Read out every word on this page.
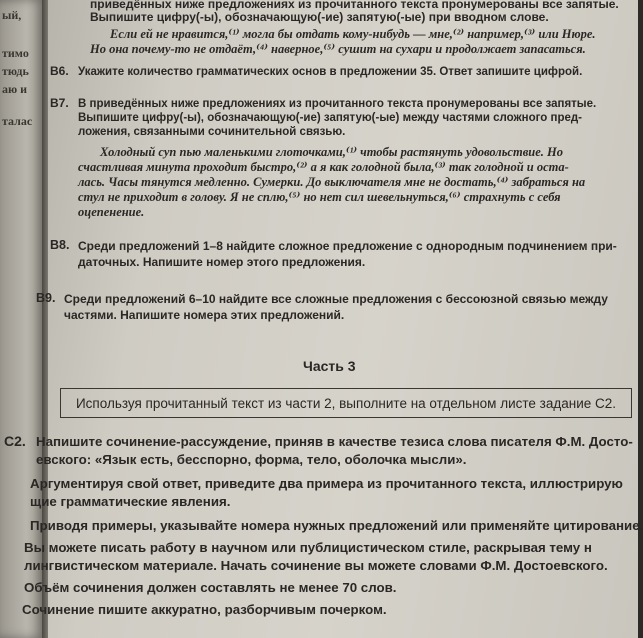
ый,
тимо
тюдь
аю и
талас
приведённых ниже предложениях из прочитанного текста пронумерованы все запятые.
Выпишите цифру(-ы), обозначающую(-ие) запятую(-ые) при вводном слове.
Если ей не нравится,⁽¹⁾ могла бы отдать кому-нибудь — мне,⁽²⁾ например,⁽³⁾ или Нюре.
Но она почему-то не отдаёт,⁽⁴⁾ наверное,⁽⁵⁾ сушит на сухари и продолжает запасаться.
В6. Укажите количество грамматических основ в предложении 35. Ответ запишите цифрой.
В7. В приведённых ниже предложениях из прочитанного текста пронумерованы все запятые.
Выпишите цифру(-ы), обозначающую(-ие) запятую(-ые) между частями сложного пред-
ложения, связанными сочинительной связью.
Холодный суп пью маленькими глоточками,⁽¹⁾ чтобы растянуть удовольствие. Но
счастливая минута проходит быстро,⁽²⁾ а я как голодной была,⁽³⁾ так голодной и оста-
лась. Часы тянутся медленно. Сумерки. До выключателя мне не достать,⁽⁴⁾ забраться на
стул не приходит в голову. Я не сплю,⁽⁵⁾ но нет сил шевельнуться,⁽⁶⁾ страхнуть с себя
оцепенение.
В8. Среди предложений 1–8 найдите сложное предложение с однородным подчинением при-
даточных. Напишите номер этого предложения.
В9. Среди предложений 6–10 найдите все сложные предложения с бессоюзной связью между
частями. Напишите номера этих предложений.
Часть 3
Используя прочитанный текст из части 2, выполните на отдельном листе задание С2.
С2. Напишите сочинение-рассуждение, приняв в качестве тезиса слова писателя Ф.М. Досто-
евского: «Язык есть, бесспорно, форма, тело, оболочка мысли».
Аргументируя свой ответ, приведите два примера из прочитанного текста, иллюстрирую
щие грамматические явления.
Приводя примеры, указывайте номера нужных предложений или применяйте цитирование.
Вы можете писать работу в научном или публицистическом стиле, раскрывая тему н
лингвистическом материале. Начать сочинение вы можете словами Ф.М. Достоевского.
Объём сочинения должен составлять не менее 70 слов.
Сочинение пишите аккуратно, разборчивым почерком.
